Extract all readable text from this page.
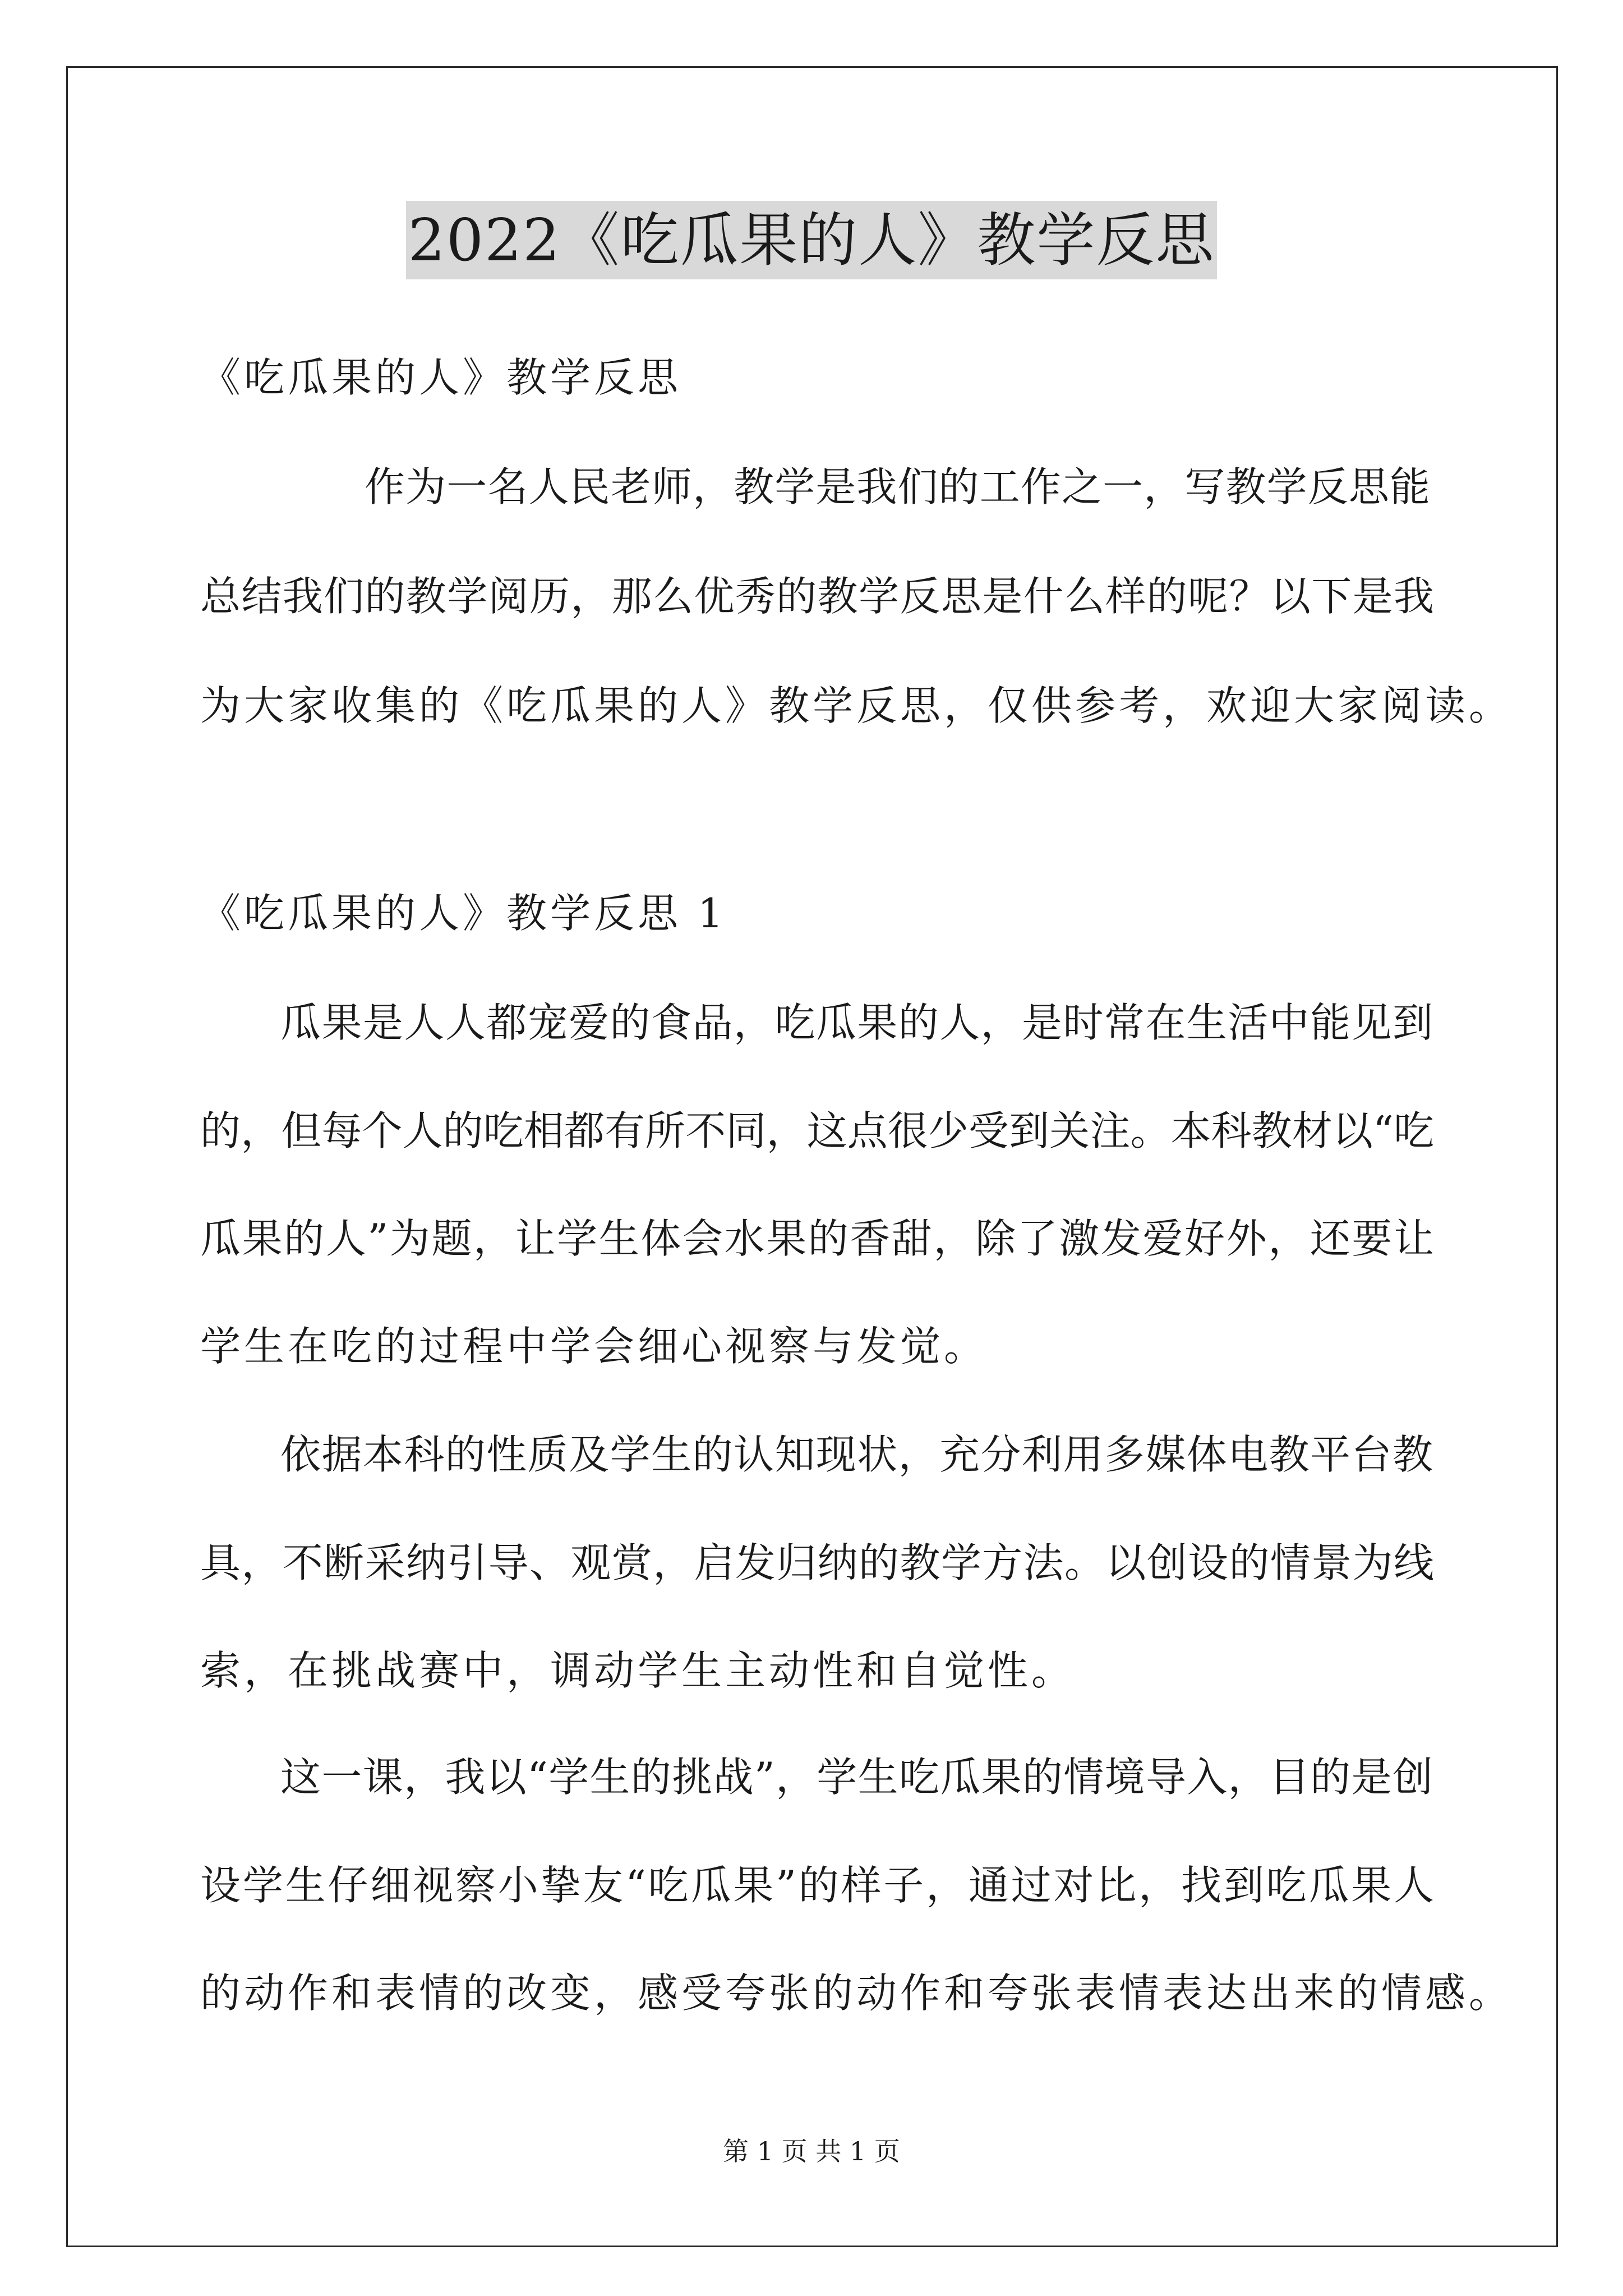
2022《吃瓜果的人》教学反思
《吃瓜果的人》教学反思
作为一名人民老师，教学是我们的工作之一，写教学反思能
总结我们的教学阅历，那么优秀的教学反思是什么样的呢？以下是我
为大家收集的《吃瓜果的人》教学反思，仅供参考，欢迎大家阅读。
《吃瓜果的人》教学反思 1
瓜果是人人都宠爱的食品，吃瓜果的人，是时常在生活中能见到
的，但每个人的吃相都有所不同，这点很少受到关注。本科教材以“吃
瓜果的人”为题，让学生体会水果的香甜，除了激发爱好外，还要让
学生在吃的过程中学会细心视察与发觉。
依据本科的性质及学生的认知现状，充分利用多媒体电教平台教
具，不断采纳引导、观赏，启发归纳的教学方法。以创设的情景为线
索，在挑战赛中，调动学生主动性和自觉性。
这一课，我以“学生的挑战”，学生吃瓜果的情境导入，目的是创
设学生仔细视察小挚友“吃瓜果”的样子，通过对比，找到吃瓜果人
的动作和表情的改变，感受夸张的动作和夸张表情表达出来的情感。
第 1 页 共 1 页
